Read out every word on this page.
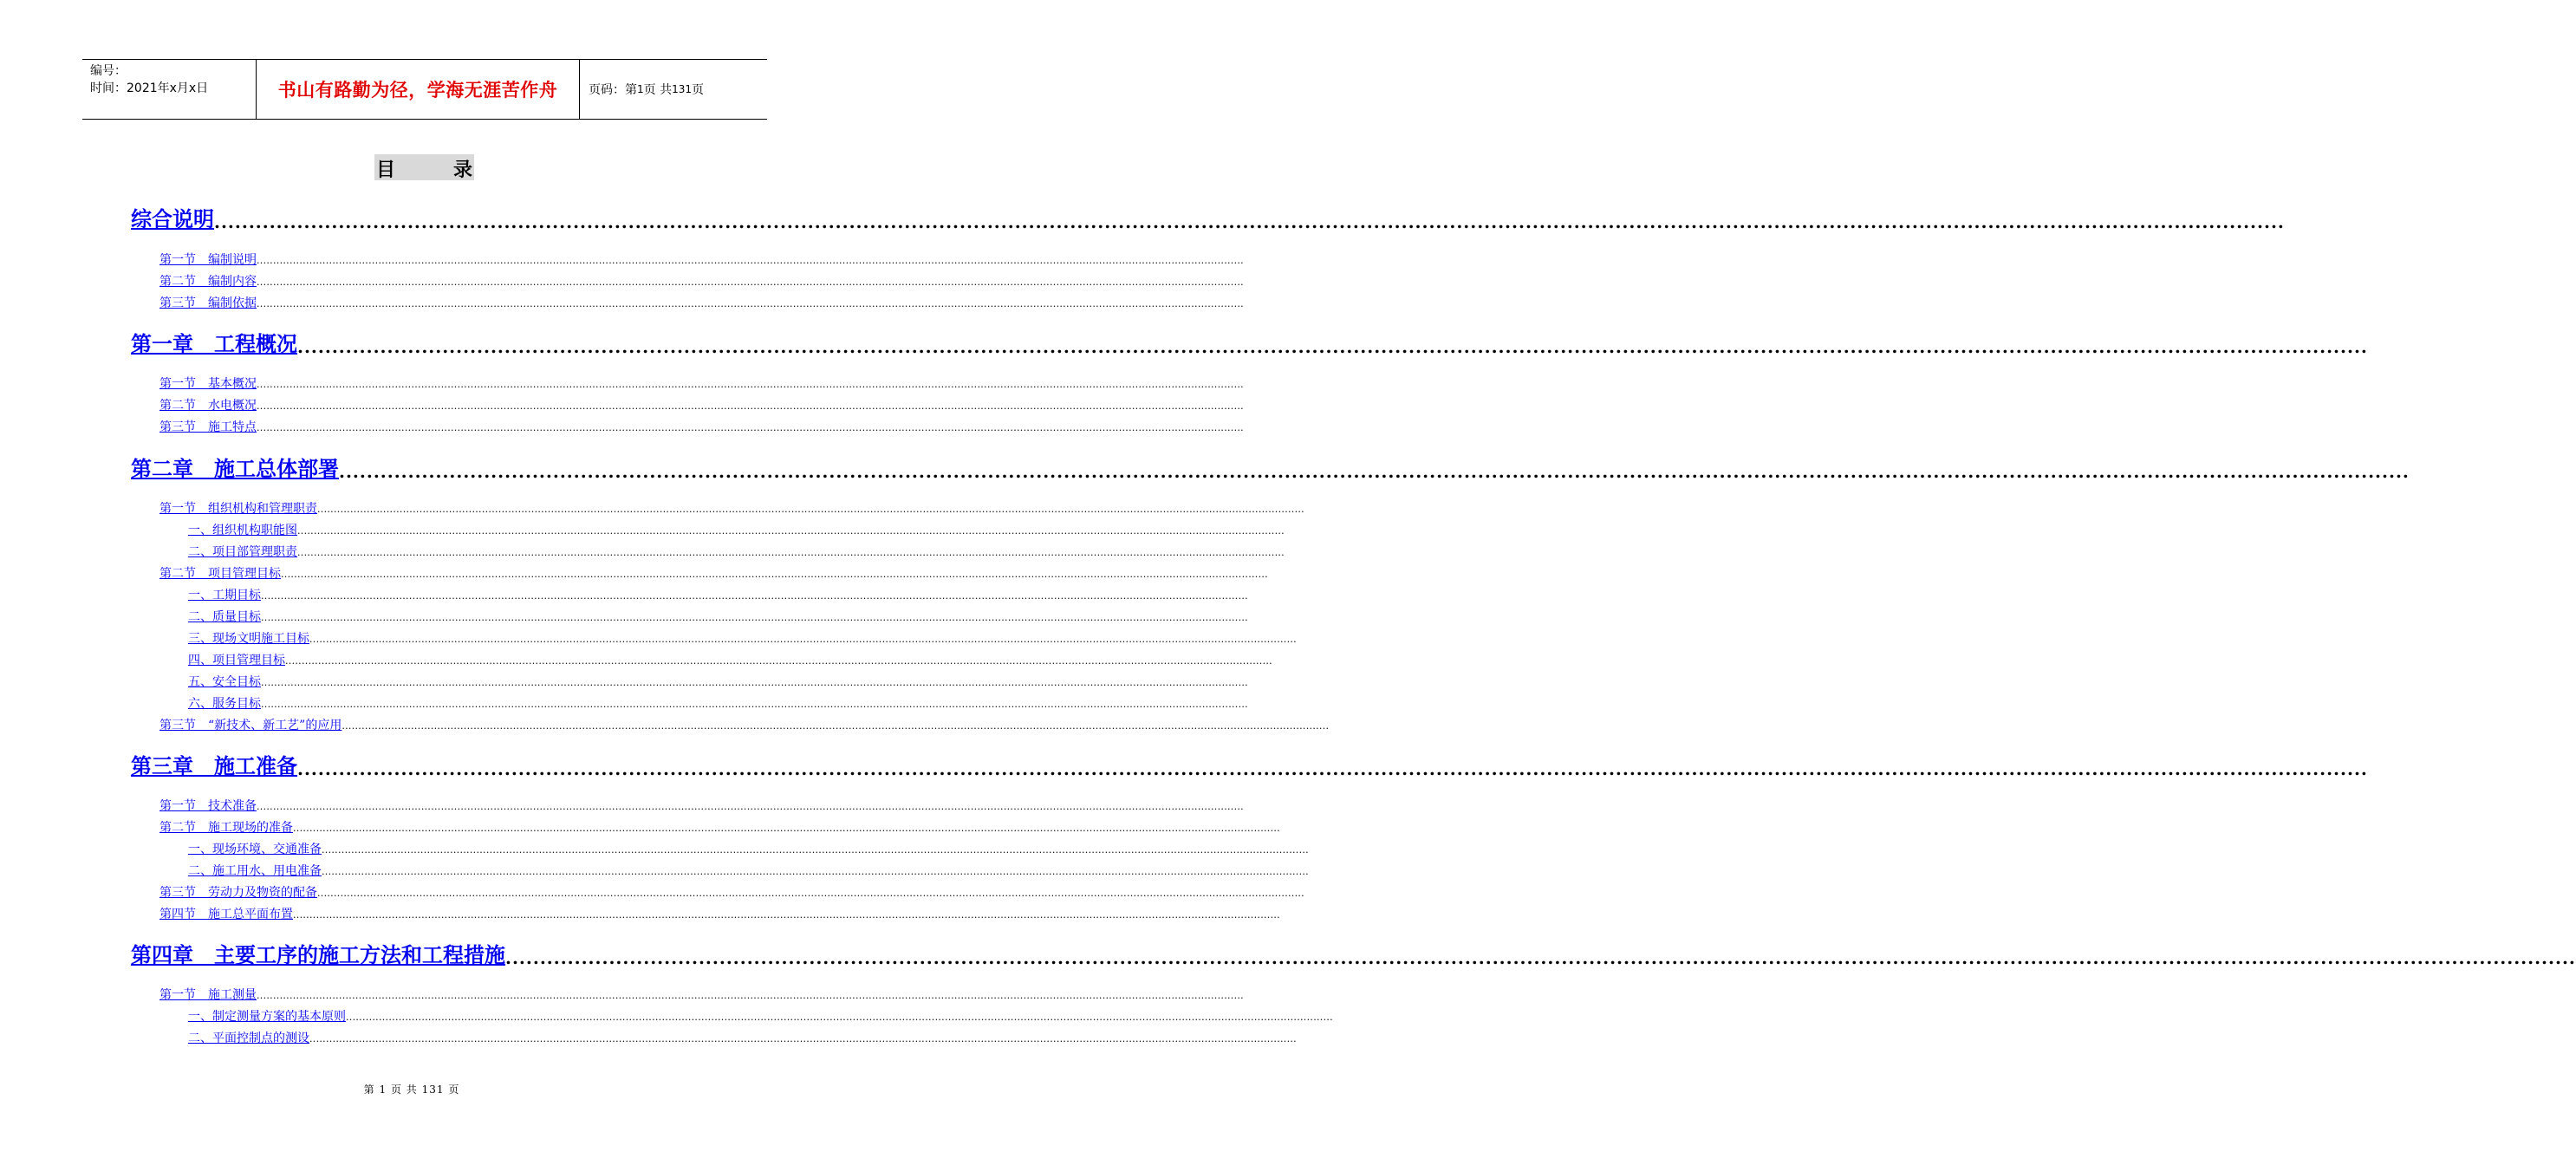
编号：
时间：2021年x月x日	书山有路勤为径，学海无涯苦作舟	页码：第 1 页 共 131 页
目	录
综合说明 ............................................................................................................................................................................................................................................................................................................
第一节　编制说明 ............................................................................................................................................................................................................................................................................................................
第二节　编制内容 ............................................................................................................................................................................................................................................................................................................
第三节　编制依据 ............................................................................................................................................................................................................................................................................................................
第一章　工程概况 ............................................................................................................................................................................................................................................................................................................
第一节　基本概况 ............................................................................................................................................................................................................................................................................................................
第二节　水电概况 ............................................................................................................................................................................................................................................................................................................
第三节　施工特点 ............................................................................................................................................................................................................................................................................................................
第二章　施工总体部署 ............................................................................................................................................................................................................................................................................................................
第一节　组织机构和管理职责 ............................................................................................................................................................................................................................................................................................................
一、组织机构职能图 ............................................................................................................................................................................................................................................................................................................
二、项目部管理职责 ............................................................................................................................................................................................................................................................................................................
第二节　项目管理目标 ............................................................................................................................................................................................................................................................................................................
一、工期目标 ............................................................................................................................................................................................................................................................................................................
二、质量目标 ............................................................................................................................................................................................................................................................................................................
三、现场文明施工目标 ............................................................................................................................................................................................................................................................................................................
四、项目管理目标 ............................................................................................................................................................................................................................................................................................................
五、安全目标 ............................................................................................................................................................................................................................................................................................................
六、服务目标 ............................................................................................................................................................................................................................................................................................................
第三节　“新技术、新工艺”的应用 ............................................................................................................................................................................................................................................................................................................
第三章　施工准备 ............................................................................................................................................................................................................................................................................................................
第一节　技术准备 ............................................................................................................................................................................................................................................................................................................
第二节　施工现场的准备 ............................................................................................................................................................................................................................................................................................................
一、现场环境、交通准备 ............................................................................................................................................................................................................................................................................................................
二、施工用水、用电准备 ............................................................................................................................................................................................................................................................................................................
第三节　劳动力及物资的配备 ............................................................................................................................................................................................................................................................................................................
第四节　施工总平面布置 ............................................................................................................................................................................................................................................................................................................
第四章　主要工序的施工方法和工程措施 ............................................................................................................................................................................................................................................................................................................
第一节　施工测量 ............................................................................................................................................................................................................................................................................................................
一、制定测量方案的基本原则 ............................................................................................................................................................................................................................................................................................................
二、平面控制点的测设 ............................................................................................................................................................................................................................................................................................................
第 1 页 共 131 页
